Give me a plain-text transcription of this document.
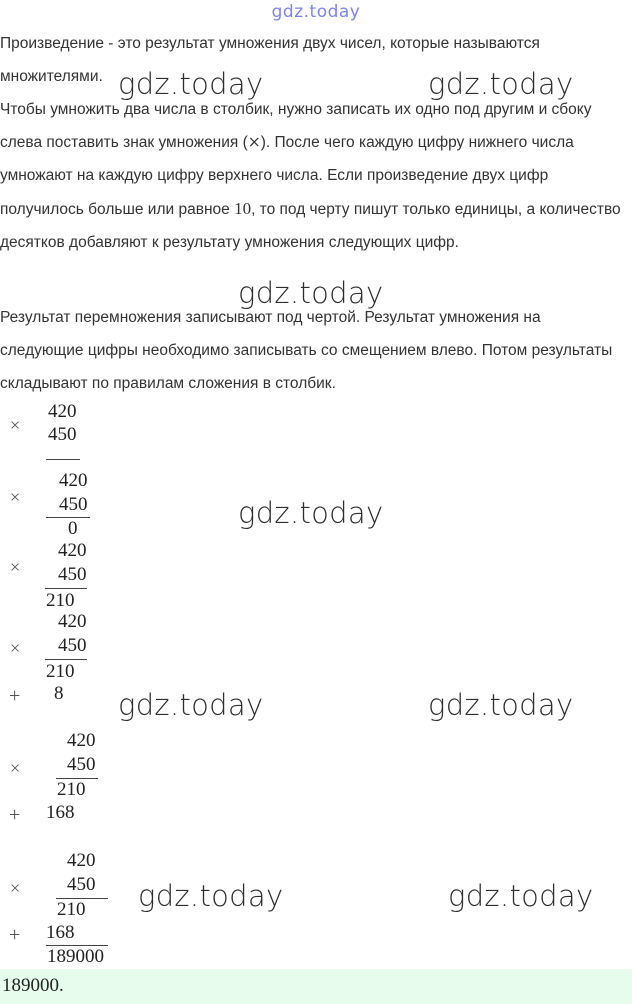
gdz.today
Произведение - это результат умножения двух чисел, которые называются множителями.
Чтобы умножить два числа в столбик, нужно записать их одно под другим и сбоку слева поставить знак умножения (×). После чего каждую цифру нижнего числа умножают на каждую цифру верхнего числа. Если произведение двух цифр получилось больше или равное 10, то под черту пишут только единицы, а количество десятков добавляют к результату умножения следующих цифр.
Результат перемножения записывают под чертой. Результат умножения на следующие цифры необходимо записывать со смещением влево. Потом результаты складывают по правилам сложения в столбик.
×
420
450
×
420
450
0
×
420
450
210
×
420
450
210
+ 8
×
420
450
210
+ 168
×
420
450
210
+ 168
189000
gdz.today	gdz.today
gdz.today
gdz.today
gdz.today	gdz.today
gdz.today	gdz.today
189000.
